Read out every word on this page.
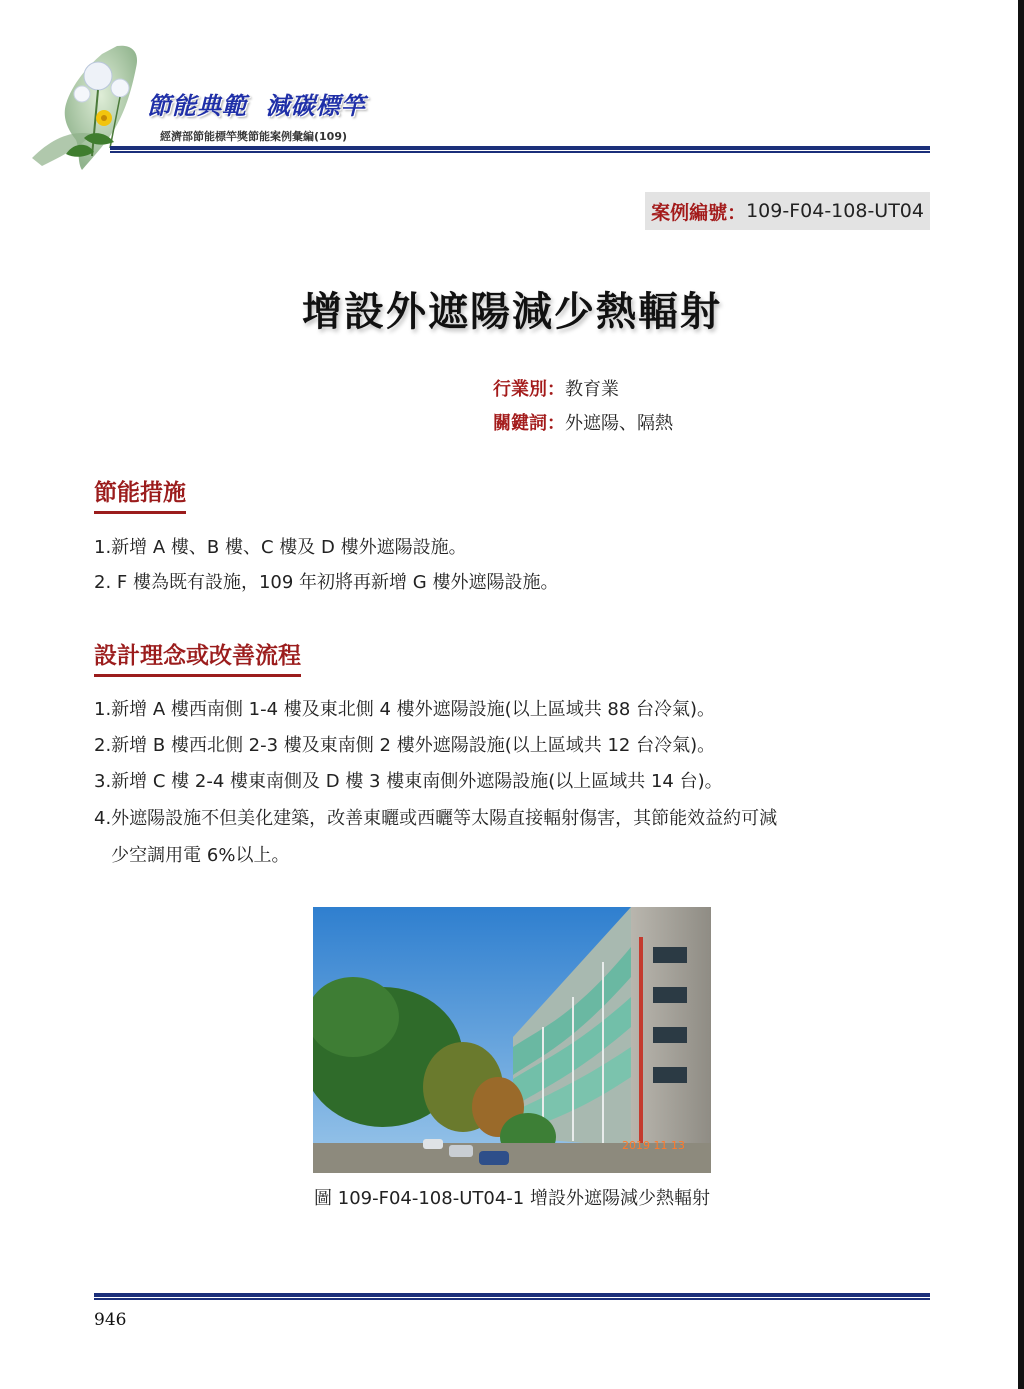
節能典範  減碳標竿
經濟部節能標竿獎節能案例彙編(109)
案例編號： 109-F04-108-UT04
增設外遮陽減少熱輻射
行業別：教育業
關鍵詞：外遮陽、隔熱
節能措施
1.新增 A 樓、B 樓、C 樓及 D 樓外遮陽設施。
2. F 樓為既有設施，109 年初將再新增 G 樓外遮陽設施。
設計理念或改善流程
1.新增 A 樓西南側 1-4 樓及東北側 4 樓外遮陽設施(以上區域共 88 台冷氣)。
2.新增 B 樓西北側 2-3 樓及東南側 2 樓外遮陽設施(以上區域共 12 台冷氣)。
3.新增 C 樓 2-4 樓東南側及 D 樓 3 樓東南側外遮陽設施(以上區域共 14 台)。
4.外遮陽設施不但美化建築，改善東曬或西曬等太陽直接輻射傷害，其節能效益約可減
少空調用電 6%以上。
2019 11 13
圖 109-F04-108-UT04-1 增設外遮陽減少熱輻射
946
